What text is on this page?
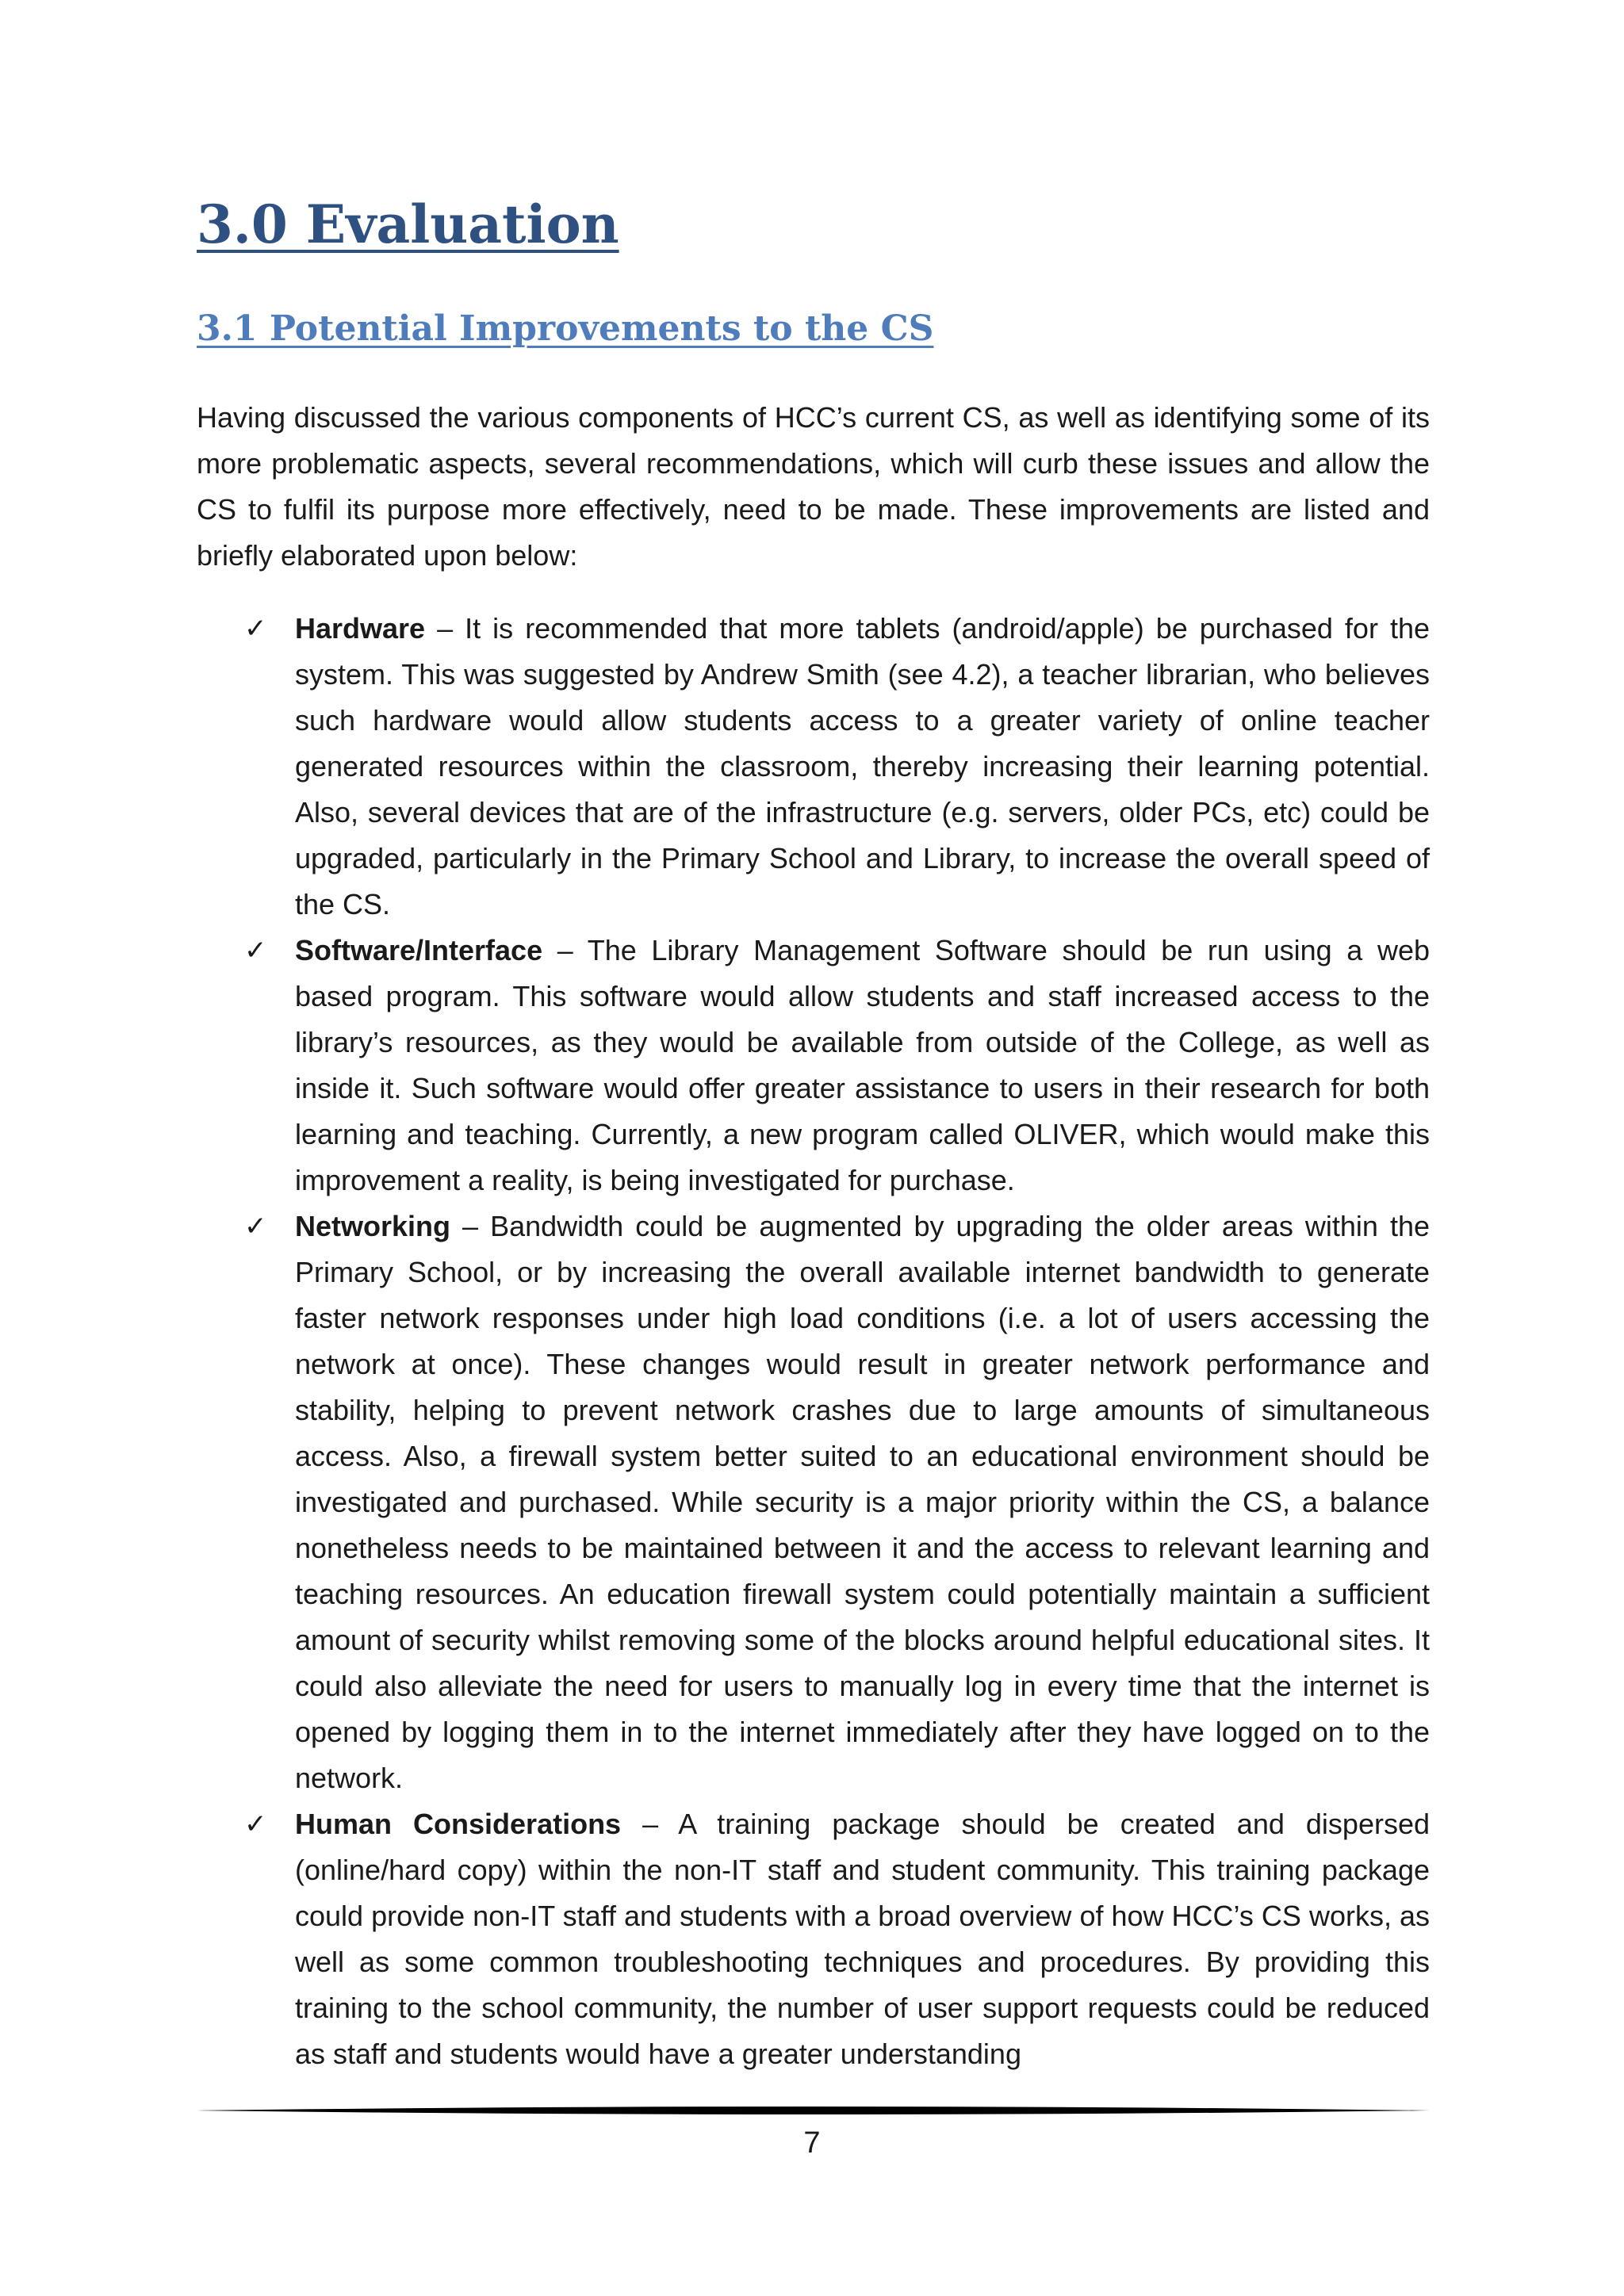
3.0 Evaluation
3.1 Potential Improvements to the CS

Having discussed the various components of HCC’s current CS, as well as identifying some of its more problematic aspects, several recommendations, which will curb these issues and allow the CS to fulfil its purpose more effectively, need to be made. These improvements are listed and briefly elaborated upon below:

✓ Hardware – It is recommended that more tablets (android/apple) be purchased for the system. This was suggested by Andrew Smith (see 4.2), a teacher librarian, who believes such hardware would allow students access to a greater variety of online teacher generated resources within the classroom, thereby increasing their learning potential. Also, several devices that are of the infrastructure (e.g. servers, older PCs, etc) could be upgraded, particularly in the Primary School and Library, to increase the overall speed of the CS.
✓ Software/Interface – The Library Management Software should be run using a web based program. This software would allow students and staff increased access to the library’s resources, as they would be available from outside of the College, as well as inside it. Such software would offer greater assistance to users in their research for both learning and teaching. Currently, a new program called OLIVER, which would make this improvement a reality, is being investigated for purchase.
✓ Networking – Bandwidth could be augmented by upgrading the older areas within the Primary School, or by increasing the overall available internet bandwidth to generate faster network responses under high load conditions (i.e. a lot of users accessing the network at once). These changes would result in greater network performance and stability, helping to prevent network crashes due to large amounts of simultaneous access. Also, a firewall system better suited to an educational environment should be investigated and purchased. While security is a major priority within the CS, a balance nonetheless needs to be maintained between it and the access to relevant learning and teaching resources. An education firewall system could potentially maintain a sufficient amount of security whilst removing some of the blocks around helpful educational sites. It could also alleviate the need for users to manually log in every time that the internet is opened by logging them in to the internet immediately after they have logged on to the network.
✓ Human Considerations – A training package should be created and dispersed (online/hard copy) within the non-IT staff and student community. This training package could provide non-IT staff and students with a broad overview of how HCC’s CS works, as well as some common troubleshooting techniques and procedures. By providing this training to the school community, the number of user support requests could be reduced as staff and students would have a greater understanding
7
